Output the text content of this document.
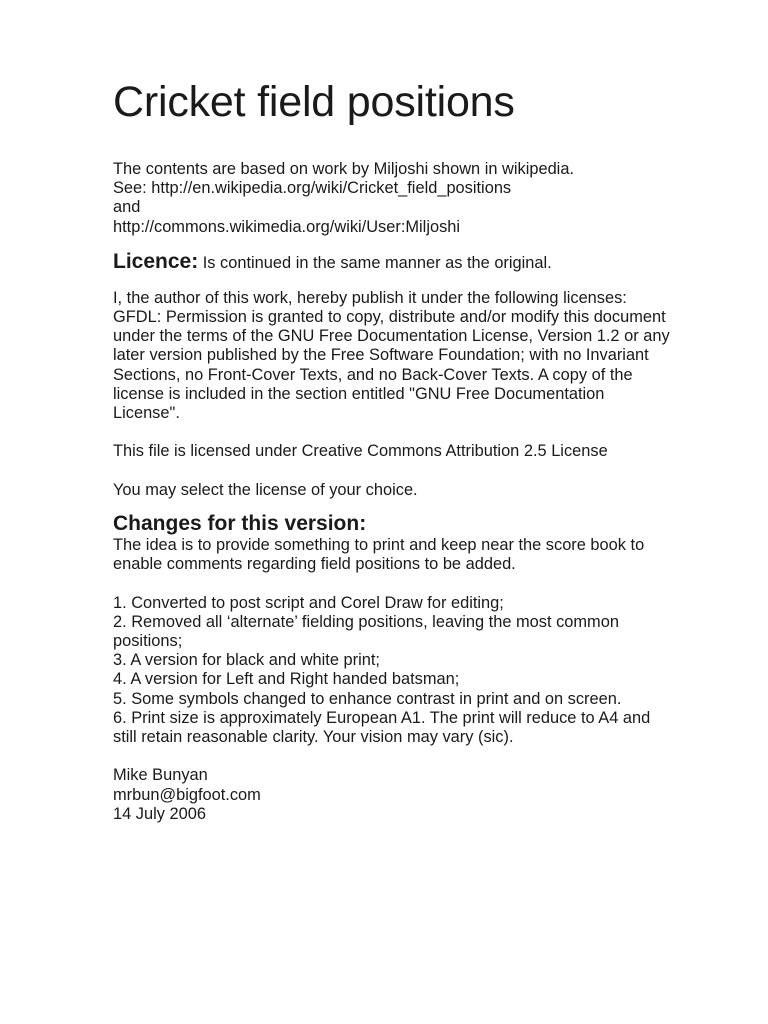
Cricket field positions

The contents are based on work by Miljoshi shown in wikipedia.

See: http://en.wikipedia.org/wiki/Cricket_field_positions

and

http://commons.wikimedia.org/wiki/User:Miljoshi

Licence: Is continued in the same manner as the original.

I, the author of this work, hereby publish it under the following licenses:
GFDL: Permission is granted to copy, distribute and/or modify this document under the terms of the GNU Free Documentation License, Version 1.2 or any later version published by the Free Software Foundation; with no Invariant Sections, no Front-Cover Texts, and no Back-Cover Texts. A copy of the license is included in the section entitled "GNU Free Documentation License".

This file is licensed under Creative Commons Attribution 2.5 License

You may select the license of your choice.

Changes for this version:

The idea is to provide something to print and keep near the score book to enable comments regarding field positions to be added.

1. Converted to post script and Corel Draw for editing;

2. Removed all ‘alternate’ fielding positions, leaving the most common positions;

3. A version for black and white print;

4. A version for Left and Right handed batsman;

5. Some symbols changed to enhance contrast in print and on screen.

6. Print size is approximately European A1. The print will reduce to A4 and still retain reasonable clarity. Your vision may vary (sic).

Mike Bunyan

mrbun@bigfoot.com

14 July 2006
